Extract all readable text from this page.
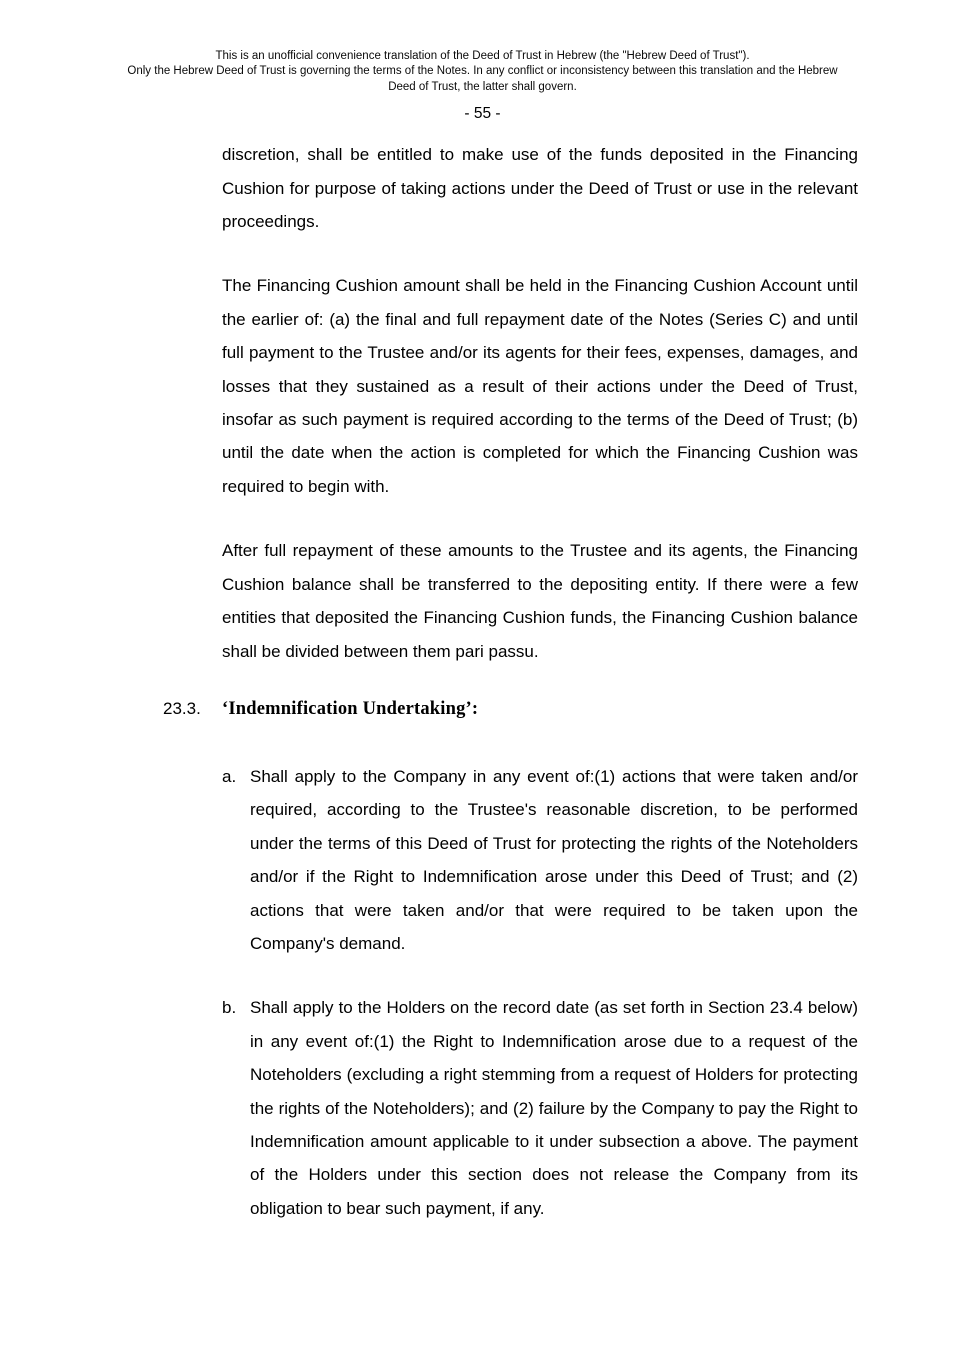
This is an unofficial convenience translation of the Deed of Trust in Hebrew (the "Hebrew Deed of Trust").
Only the Hebrew Deed of Trust is governing the terms of the Notes. In any conflict or inconsistency between this translation and the Hebrew
Deed of Trust, the latter shall govern.
- 55 -

discretion, shall be entitled to make use of the funds deposited in the Financing Cushion for purpose of taking actions under the Deed of Trust or use in the relevant proceedings.

The Financing Cushion amount shall be held in the Financing Cushion Account until the earlier of: (a) the final and full repayment date of the Notes (Series C) and until full payment to the Trustee and/or its agents for their fees, expenses, damages, and losses that they sustained as a result of their actions under the Deed of Trust, insofar as such payment is required according to the terms of the Deed of Trust; (b) until the date when the action is completed for which the Financing Cushion was required to begin with.

After full repayment of these amounts to the Trustee and its agents, the Financing Cushion balance shall be transferred to the depositing entity. If there were a few entities that deposited the Financing Cushion funds, the Financing Cushion balance shall be divided between them pari passu.

23.3.	‘Indemnification Undertaking’:
a. Shall apply to the Company in any event of:(1) actions that were taken and/or required, according to the Trustee's reasonable discretion, to be performed under the terms of this Deed of Trust for protecting the rights of the Noteholders and/or if the Right to Indemnification arose under this Deed of Trust; and (2) actions that were taken and/or that were required to be taken upon the Company's demand.
b. Shall apply to the Holders on the record date (as set forth in Section 23.4 below) in any event of:(1) the Right to Indemnification arose due to a request of the Noteholders (excluding a right stemming from a request of Holders for protecting the rights of the Noteholders); and (2) failure by the Company to pay the Right to Indemnification amount applicable to it under subsection a above. The payment of the Holders under this section does not release the Company from its obligation to bear such payment, if any.
